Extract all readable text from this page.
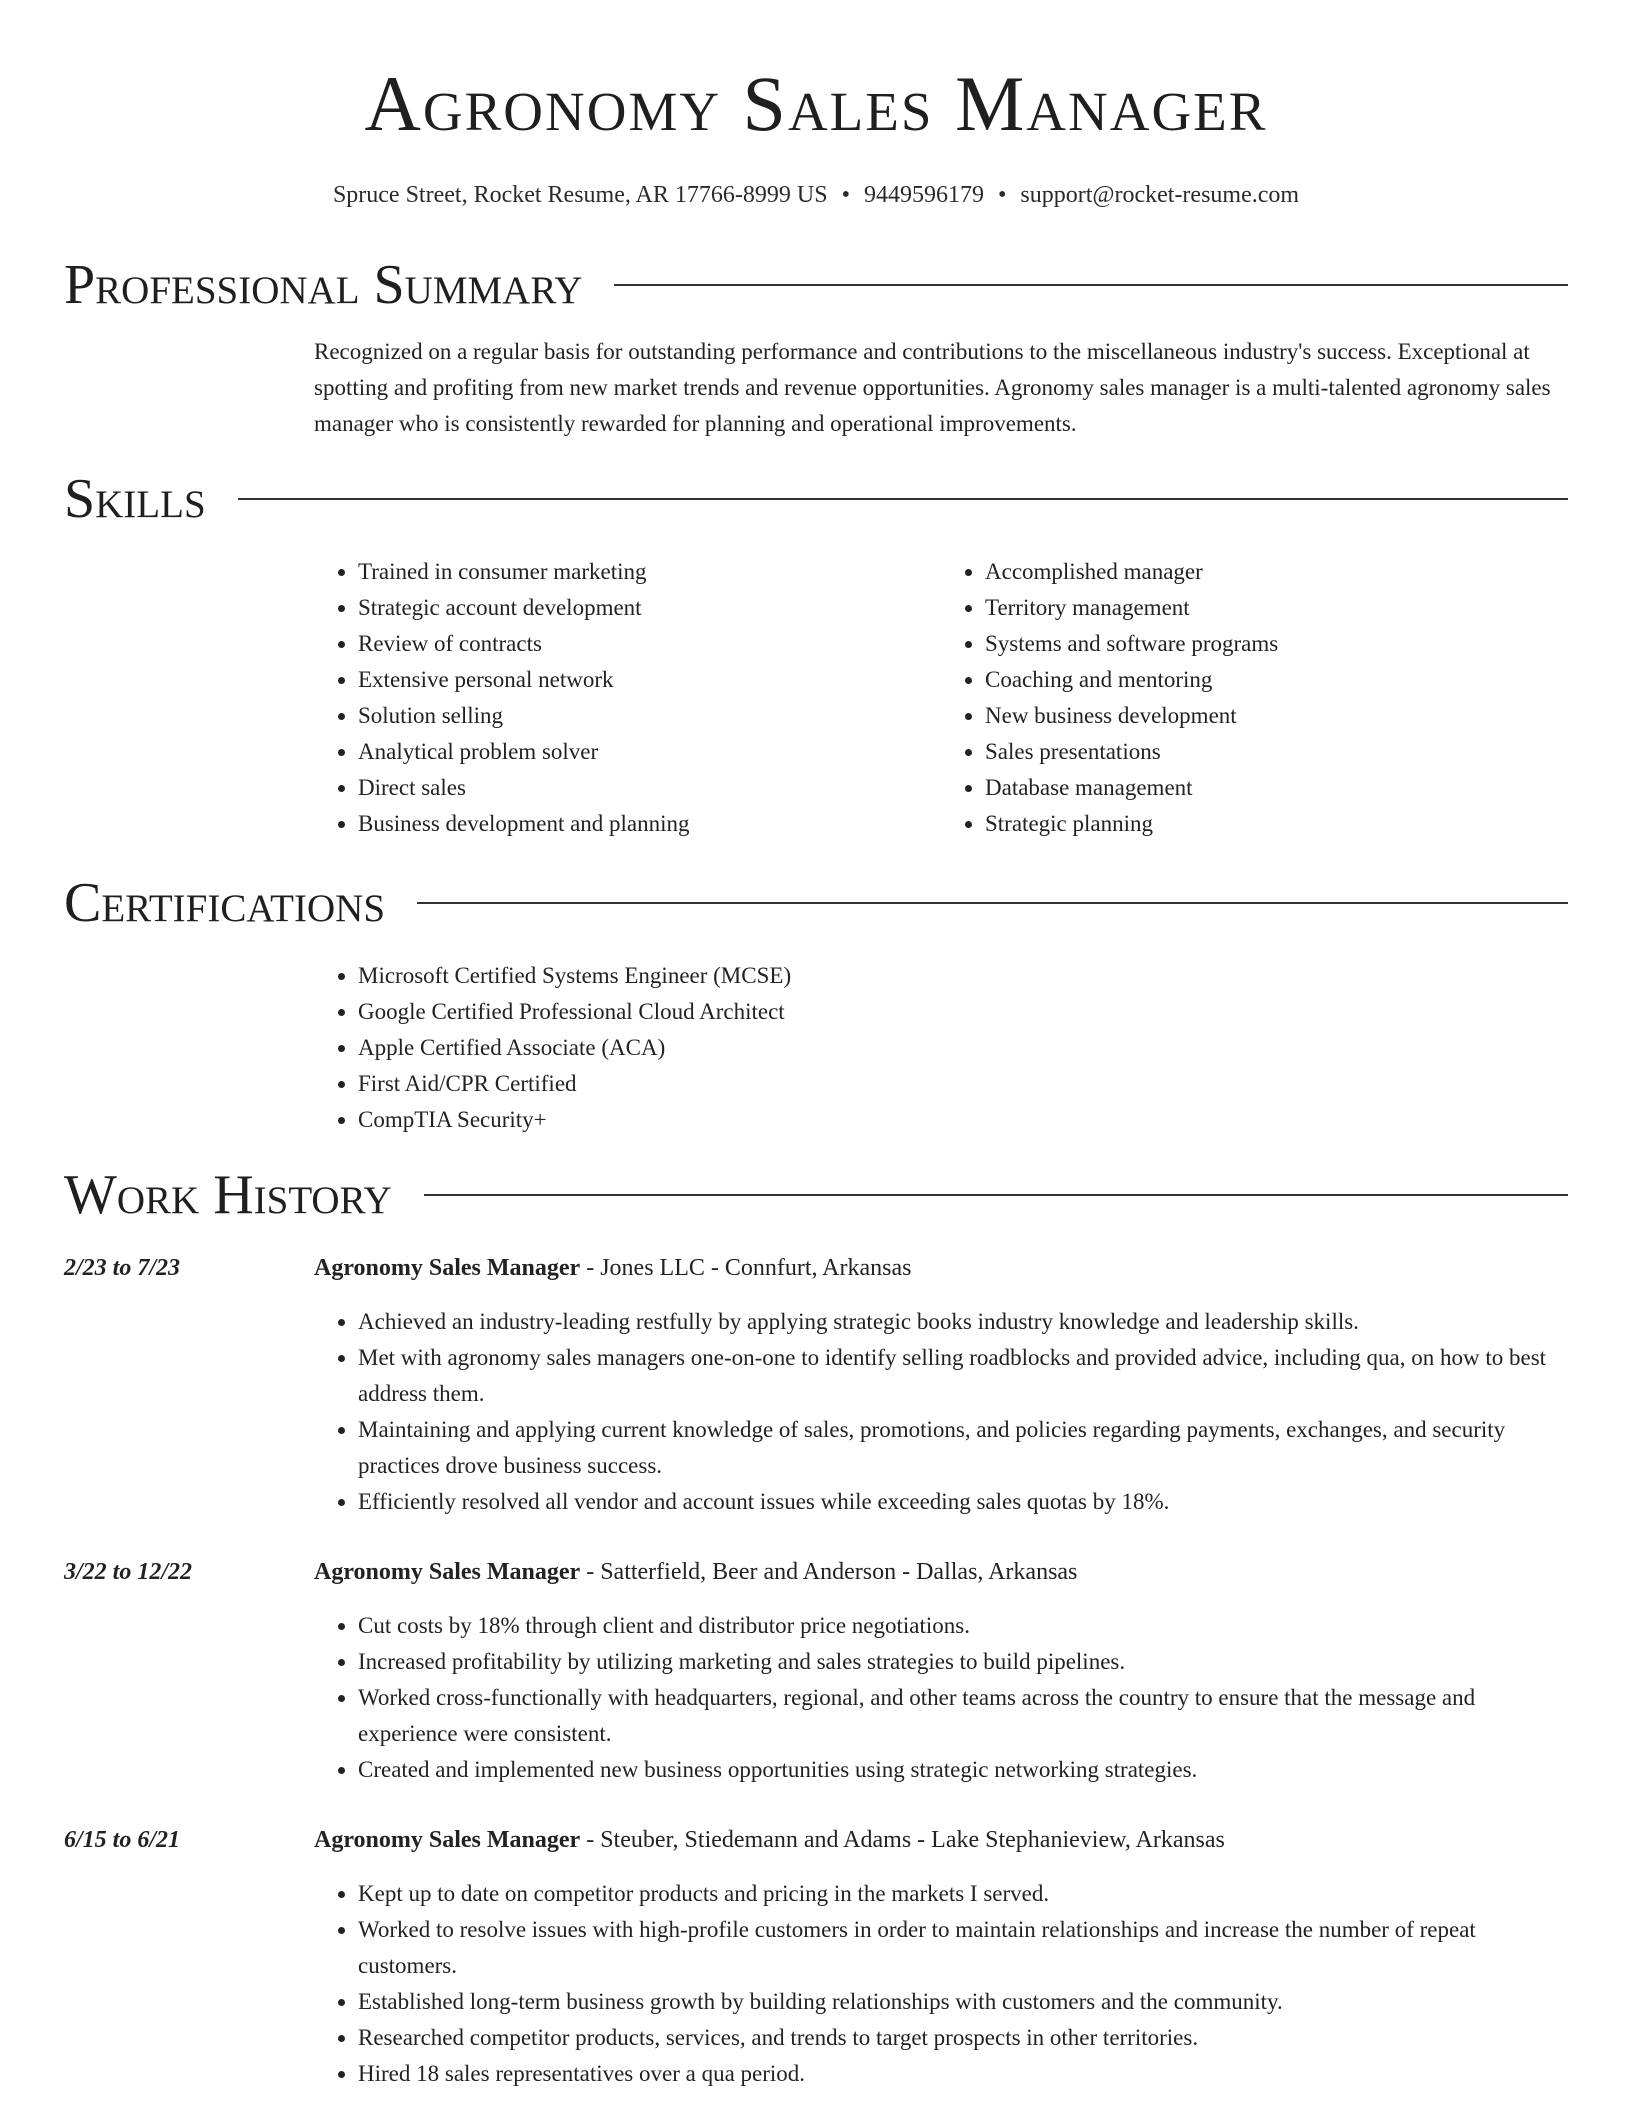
Agronomy Sales Manager
Spruce Street, Rocket Resume, AR 17766-8999 US • 9449596179 • support@rocket-resume.com
Professional Summary
Recognized on a regular basis for outstanding performance and contributions to the miscellaneous industry's success. Exceptional at spotting and profiting from new market trends and revenue opportunities. Agronomy sales manager is a multi-talented agronomy sales manager who is consistently rewarded for planning and operational improvements.
Skills
• Trained in consumer marketing
• Strategic account development
• Review of contracts
• Extensive personal network
• Solution selling
• Analytical problem solver
• Direct sales
• Business development and planning
• Accomplished manager
• Territory management
• Systems and software programs
• Coaching and mentoring
• New business development
• Sales presentations
• Database management
• Strategic planning
Certifications
• Microsoft Certified Systems Engineer (MCSE)
• Google Certified Professional Cloud Architect
• Apple Certified Associate (ACA)
• First Aid/CPR Certified
• CompTIA Security+
Work History
2/23 to 7/23	Agronomy Sales Manager - Jones LLC - Connfurt, Arkansas
• Achieved an industry-leading restfully by applying strategic books industry knowledge and leadership skills.
• Met with agronomy sales managers one-on-one to identify selling roadblocks and provided advice, including qua, on how to best address them.
• Maintaining and applying current knowledge of sales, promotions, and policies regarding payments, exchanges, and security practices drove business success.
• Efficiently resolved all vendor and account issues while exceeding sales quotas by 18%.
3/22 to 12/22	Agronomy Sales Manager - Satterfield, Beer and Anderson - Dallas, Arkansas
• Cut costs by 18% through client and distributor price negotiations.
• Increased profitability by utilizing marketing and sales strategies to build pipelines.
• Worked cross-functionally with headquarters, regional, and other teams across the country to ensure that the message and experience were consistent.
• Created and implemented new business opportunities using strategic networking strategies.
6/15 to 6/21	Agronomy Sales Manager - Steuber, Stiedemann and Adams - Lake Stephanieview, Arkansas
• Kept up to date on competitor products and pricing in the markets I served.
• Worked to resolve issues with high-profile customers in order to maintain relationships and increase the number of repeat customers.
• Established long-term business growth by building relationships with customers and the community.
• Researched competitor products, services, and trends to target prospects in other territories.
• Hired 18 sales representatives over a qua period.
